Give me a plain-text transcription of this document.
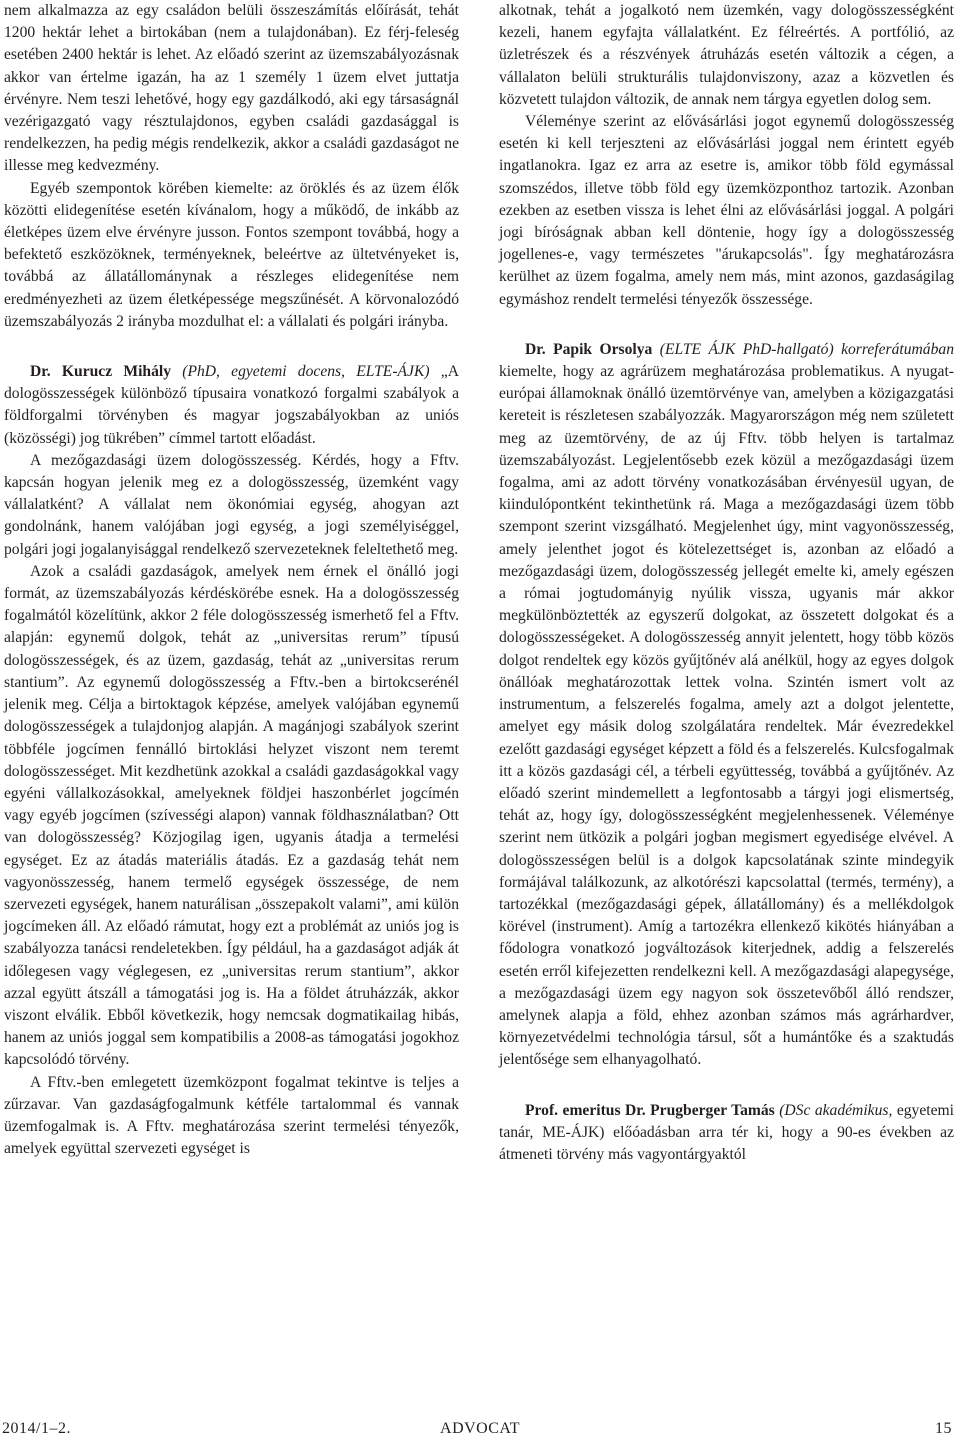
nem alkalmazza az egy családon belüli összeszámítás előírását, tehát 1200 hektár lehet a birtokában (nem a tulajdonában). Ez férj-feleség esetében 2400 hektár is lehet. Az előadó szerint az üzemszabályozásnak akkor van értelme igazán, ha az 1 személy 1 üzem elvet juttatja érvényre. Nem teszi lehetővé, hogy egy gazdálkodó, aki egy társaságnál vezérigazgató vagy résztulajdonos, egyben családi gazdasággal is rendelkezzen, ha pedig mégis rendelkezik, akkor a családi gazdaságot ne illesse meg kedvezmény.

Egyéb szempontok körében kiemelte: az öröklés és az üzem élők közötti elidegenítése esetén kívánalom, hogy a működő, de inkább az életképes üzem elve érvényre jusson. Fontos szempont továbbá, hogy a befektető eszközöknek, terményeknek, beleértve az ültetvényeket is, továbbá az állatállománynak a részleges elidegenítése nem eredményezheti az üzem életképessége megszűnését. A körvonalozódó üzemszabályozás 2 irányba mozdulhat el: a vállalati és polgári irányba.

Dr. Kurucz Mihály (PhD, egyetemi docens, ELTE-ÁJK) „A dologösszességek különböző típusaira vonatkozó forgalmi szabályok a földforgalmi törvényben és magyar jogszabályokban az uniós (közösségi) jog tükrében” címmel tartott előadást.

A mezőgazdasági üzem dologösszesség. Kérdés, hogy a Fftv. kapcsán hogyan jelenik meg ez a dologösszesség, üzemként vagy vállalatként? A vállalat nem ökonómiai egység, ahogyan azt gondolnánk, hanem valójában jogi egység, a jogi személyiséggel, polgári jogi jogalanyisággal rendelkező szervezeteknek feleltethető meg.

Azok a családi gazdaságok, amelyek nem érnek el önálló jogi formát, az üzemszabályozás kérdéskörébe esnek. Ha a dologösszesség fogalmától közelítünk, akkor 2 féle dologösszesség ismerhető fel a Fftv. alapján: egynemű dolgok, tehát az „universitas rerum” típusú dologösszességek, és az üzem, gazdaság, tehát az „universitas rerum stantium”. Az egynemű dologösszesség a Fftv.-ben a birtokcserénél jelenik meg. Célja a birtoktagok képzése, amelyek valójában egynemű dologösszességek a tulajdonjog alapján. A magánjogi szabályok szerint többféle jogcímen fennálló birtoklási helyzet viszont nem teremt dologösszességet. Mit kezdhetünk azokkal a családi gazdaságokkal vagy egyéni vállalkozásokkal, amelyeknek földjei haszonbérlet jogcímén vagy egyéb jogcímen (szívességi alapon) vannak földhasználatban? Ott van dologösszesség? Közjogilag igen, ugyanis átadja a termelési egységet. Ez az átadás materiális átadás. Ez a gazdaság tehát nem vagyonösszesség, hanem termelő egységek összessége, de nem szervezeti egységek, hanem naturálisan „összepakolt valami”, ami külön jogcímeken áll. Az előadó rámutat, hogy ezt a problémát az uniós jog is szabályozza tanácsi rendeletekben. Így például, ha a gazdaságot adják át időlegesen vagy véglegesen, ez „universitas rerum stantium”, akkor azzal együtt átszáll a támogatási jog is. Ha a földet átruházzák, akkor viszont elválik. Ebből következik, hogy nemcsak dogmatikailag hibás, hanem az uniós joggal sem kompatibilis a 2008-as támogatási jogokhoz kapcsolódó törvény.

A Fftv.-ben emlegetett üzemközpont fogalmat tekintve is teljes a zűrzavar. Van gazdaságfogalmunk kétféle tartalommal és vannak üzemfogalmak is. A Fftv. meghatározása szerint termelési tényezők, amelyek együttal szervezeti egységet is

alkotnak, tehát a jogalkotó nem üzemkén, vagy dologösszességként kezeli, hanem egyfajta vállalatként. Ez félreértés. A portfólió, az üzletrészek és a részvények átruházás esetén változik a cégen, a vállalaton belüli strukturális tulajdonviszony, azaz a közvetlen és közvetett tulajdon változik, de annak nem tárgya egyetlen dolog sem.

Véleménye szerint az elővásárlási jogot egynemű dologösszesség esetén ki kell terjeszteni az elővásárlási joggal nem érintett egyéb ingatlanokra. Igaz ez arra az esetre is, amikor több föld egymással szomszédos, illetve több föld egy üzemközponthoz tartozik. Azonban ezekben az esetben vissza is lehet élni az elővásárlási joggal. A polgári jogi bíróságnak abban kell döntenie, hogy így a dologösszesség jogellenes-e, vagy természetes "árukapcsolás". Így meghatározásra kerülhet az üzem fogalma, amely nem más, mint azonos, gazdaságilag egymáshoz rendelt termelési tényezők összessége.

Dr. Papik Orsolya (ELTE ÁJK PhD-hallgató) korreferátumában kiemelte, hogy az agrárüzem meghatározása problematikus. A nyugat-európai államoknak önálló üzemtörvénye van, amelyben a közigazgatási kereteit is részletesen szabályozzák. Magyarországon még nem született meg az üzemtörvény, de az új Fftv. több helyen is tartalmaz üzemszabályozást. Legjelentősebb ezek közül a mezőgazdasági üzem fogalma, ami az adott törvény vonatkozásában érvényesül ugyan, de kiindulópontként tekinthetünk rá. Maga a mezőgazdasági üzem több szempont szerint vizsgálható. Megjelenhet úgy, mint vagyonösszesség, amely jelenthet jogot és kötelezettséget is, azonban az előadó a mezőgazdasági üzem, dologösszesség jellegét emelte ki, amely egészen a római jogtudományig nyúlik vissza, ugyanis már akkor megkülönböztették az egyszerű dolgokat, az összetett dolgokat és a dologösszességeket. A dologösszesség annyit jelentett, hogy több közös dolgot rendeltek egy közös gyűjtőnév alá anélkül, hogy az egyes dolgok önállóak meghatározottak lettek volna. Szintén ismert volt az instrumentum, a felszerelés fogalma, amely azt a dolgot jelentette, amelyet egy másik dolog szolgálatára rendeltek. Már évezredekkel ezelőtt gazdasági egységet képzett a föld és a felszerelés. Kulcsfogalmak itt a közös gazdasági cél, a térbeli együttesség, továbbá a gyűjtőnév. Az előadó szerint mindemellett a legfontosabb a tárgyi jogi elismertség, tehát az, hogy így, dologösszességként megjelenhessenek. Véleménye szerint nem ütközik a polgári jogban megismert egyedisége elvével. A dologösszességen belül is a dolgok kapcsolatának szinte mindegyik formájával találkozunk, az alkotórészi kapcsolattal (termés, termény), a tartozékkal (mezőgazdasági gépek, állatállomány) és a mellékdolgok körével (instrument). Amíg a tartozékra ellenkező kikötés hiányában a fődologra vonatkozó jogváltozások kiterjednek, addig a felszerelés esetén erről kifejezetten rendelkezni kell. A mezőgazdasági alapegysége, a mezőgazdasági üzem egy nagyon sok összetevőből álló rendszer, amelynek alapja a föld, ehhez azonban számos más agrárhardver, környezetvédelmi technológia társul, sőt a humántőke és a szaktudás jelentősége sem elhanyagolható.

Prof. emeritus Dr. Prugberger Tamás (DSc akadémikus, egyetemi tanár, ME-ÁJK) előóadásban arra tér ki, hogy a 90-es években az átmeneti törvény más vagyontárgyaktól

2014/1–2.	ADVOCAT	15
